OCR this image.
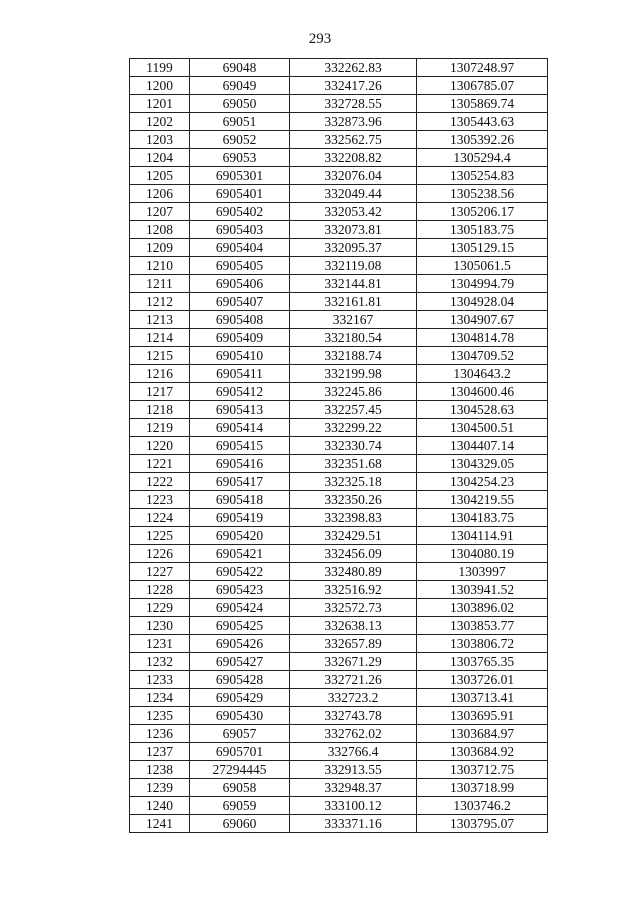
293
1199	69048	332262.83	1307248.97
1200	69049	332417.26	1306785.07
1201	69050	332728.55	1305869.74
1202	69051	332873.96	1305443.63
1203	69052	332562.75	1305392.26
1204	69053	332208.82	1305294.4
1205	6905301	332076.04	1305254.83
1206	6905401	332049.44	1305238.56
1207	6905402	332053.42	1305206.17
1208	6905403	332073.81	1305183.75
1209	6905404	332095.37	1305129.15
1210	6905405	332119.08	1305061.5
1211	6905406	332144.81	1304994.79
1212	6905407	332161.81	1304928.04
1213	6905408	332167	1304907.67
1214	6905409	332180.54	1304814.78
1215	6905410	332188.74	1304709.52
1216	6905411	332199.98	1304643.2
1217	6905412	332245.86	1304600.46
1218	6905413	332257.45	1304528.63
1219	6905414	332299.22	1304500.51
1220	6905415	332330.74	1304407.14
1221	6905416	332351.68	1304329.05
1222	6905417	332325.18	1304254.23
1223	6905418	332350.26	1304219.55
1224	6905419	332398.83	1304183.75
1225	6905420	332429.51	1304114.91
1226	6905421	332456.09	1304080.19
1227	6905422	332480.89	1303997
1228	6905423	332516.92	1303941.52
1229	6905424	332572.73	1303896.02
1230	6905425	332638.13	1303853.77
1231	6905426	332657.89	1303806.72
1232	6905427	332671.29	1303765.35
1233	6905428	332721.26	1303726.01
1234	6905429	332723.2	1303713.41
1235	6905430	332743.78	1303695.91
1236	69057	332762.02	1303684.97
1237	6905701	332766.4	1303684.92
1238	27294445	332913.55	1303712.75
1239	69058	332948.37	1303718.99
1240	69059	333100.12	1303746.2
1241	69060	333371.16	1303795.07
